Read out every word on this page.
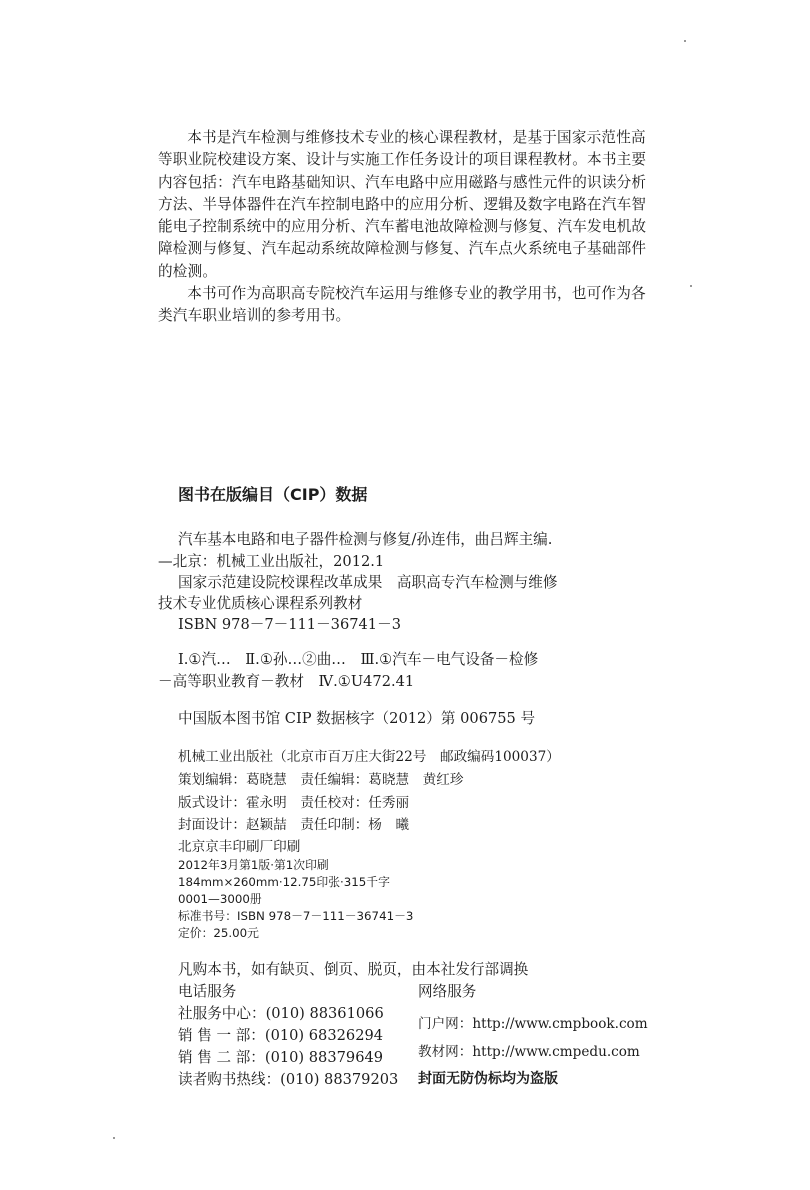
本书是汽车检测与维修技术专业的核心课程教材，是基于国家示范性高等职业院校建设方案、设计与实施工作任务设计的项目课程教材。本书主要内容包括：汽车电路基础知识、汽车电路中应用磁路与感性元件的识读分析方法、半导体器件在汽车控制电路中的应用分析、逻辑及数字电路在汽车智能电子控制系统中的应用分析、汽车蓄电池故障检测与修复、汽车发电机故障检测与修复、汽车起动系统故障检测与修复、汽车点火系统电子基础部件的检测。

本书可作为高职高专院校汽车运用与维修专业的教学用书，也可作为各类汽车职业培训的参考用书。

图书在版编目（CIP）数据
汽车基本电路和电子器件检测与修复/孙连伟，曲吕辉主编.
—北京：机械工业出版社，2012.1
国家示范建设院校课程改革成果　高职高专汽车检测与维修
技术专业优质核心课程系列教材
ISBN 978－7－111－36741－3
Ⅰ.①汽…　Ⅱ.①孙…②曲…　Ⅲ.①汽车－电气设备－检修
－高等职业教育－教材　Ⅳ.①U472.41
中国版本图书馆 CIP 数据核字（2012）第 006755 号
机械工业出版社（北京市百万庄大街22号　邮政编码100037）
策划编辑：葛晓慧　责任编辑：葛晓慧　黄红珍
版式设计：霍永明　责任校对：任秀丽
封面设计：赵颖喆　责任印制：杨　曦
北京京丰印刷厂印刷
2012年3月第1版·第1次印刷
184mm×260mm·12.75印张·315千字
0001—3000册
标准书号：ISBN 978－7－111－36741－3
定价：25.00元
凡购本书，如有缺页、倒页、脱页，由本社发行部调换
电话服务	网络服务
社服务中心：(010) 88361066
销 售 一 部：(010) 68326294
销 售 二 部：(010) 88379649
读者购书热线：(010) 88379203
门户网：http://www.cmpbook.com
教材网：http://www.cmpedu.com
封面无防伪标均为盗版
